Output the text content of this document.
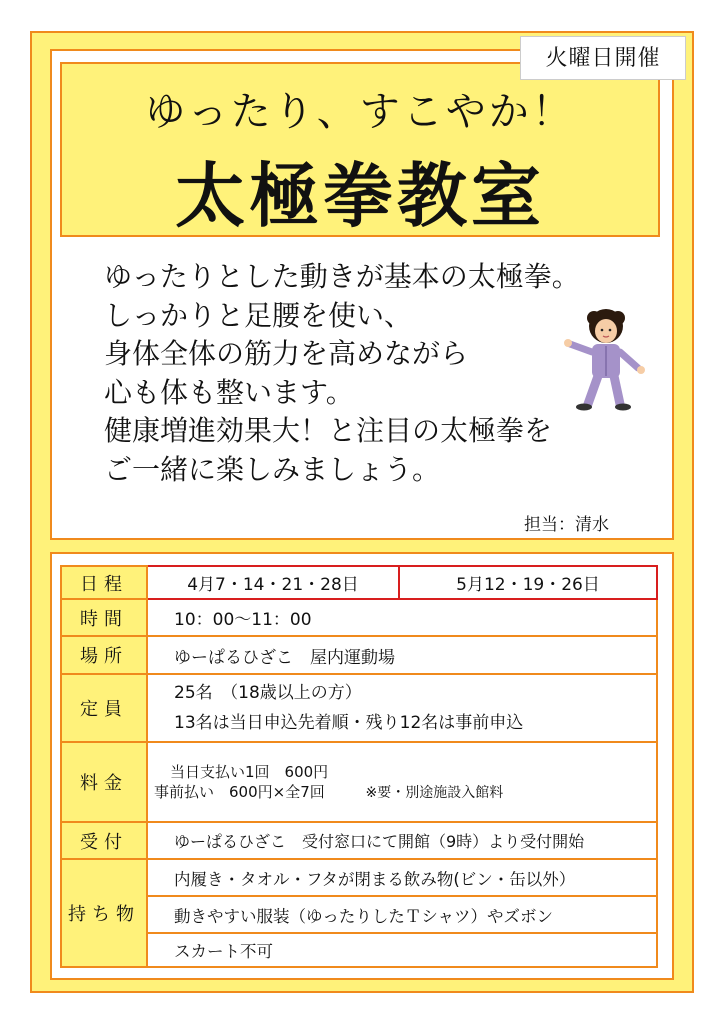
火曜日開催
ゆったり、すこやか！
太極拳教室
ゆったりとした動きが基本の太極拳。
しっかりと足腰を使い、
身体全体の筋力を高めながら
心も体も整います。
健康増進効果大！と注目の太極拳を
ご一緒に楽しみましょう。
担当：清水
日程	4月7・14・21・28日	5月12・19・26日
時間	10：00～11：00	
場所	ゆーぱるひざこ　屋内運動場	
定員	25名　（18歳以上の方）
13名は当日申込先着順・残り12名は事前申込	

料金	当日支払い1回　600円
事前払い　600円×全7回 ※要・別途施設入館料	

受付	ゆーぱるひざこ　受付窓口にて開館（9時）より受付開始	
持ち物	内履き・タオル・フタが閉まる飲み物(ビン・缶以外）	
	動きやすい服装（ゆったりしたＴシャツ）やズボン	
	スカート不可	
